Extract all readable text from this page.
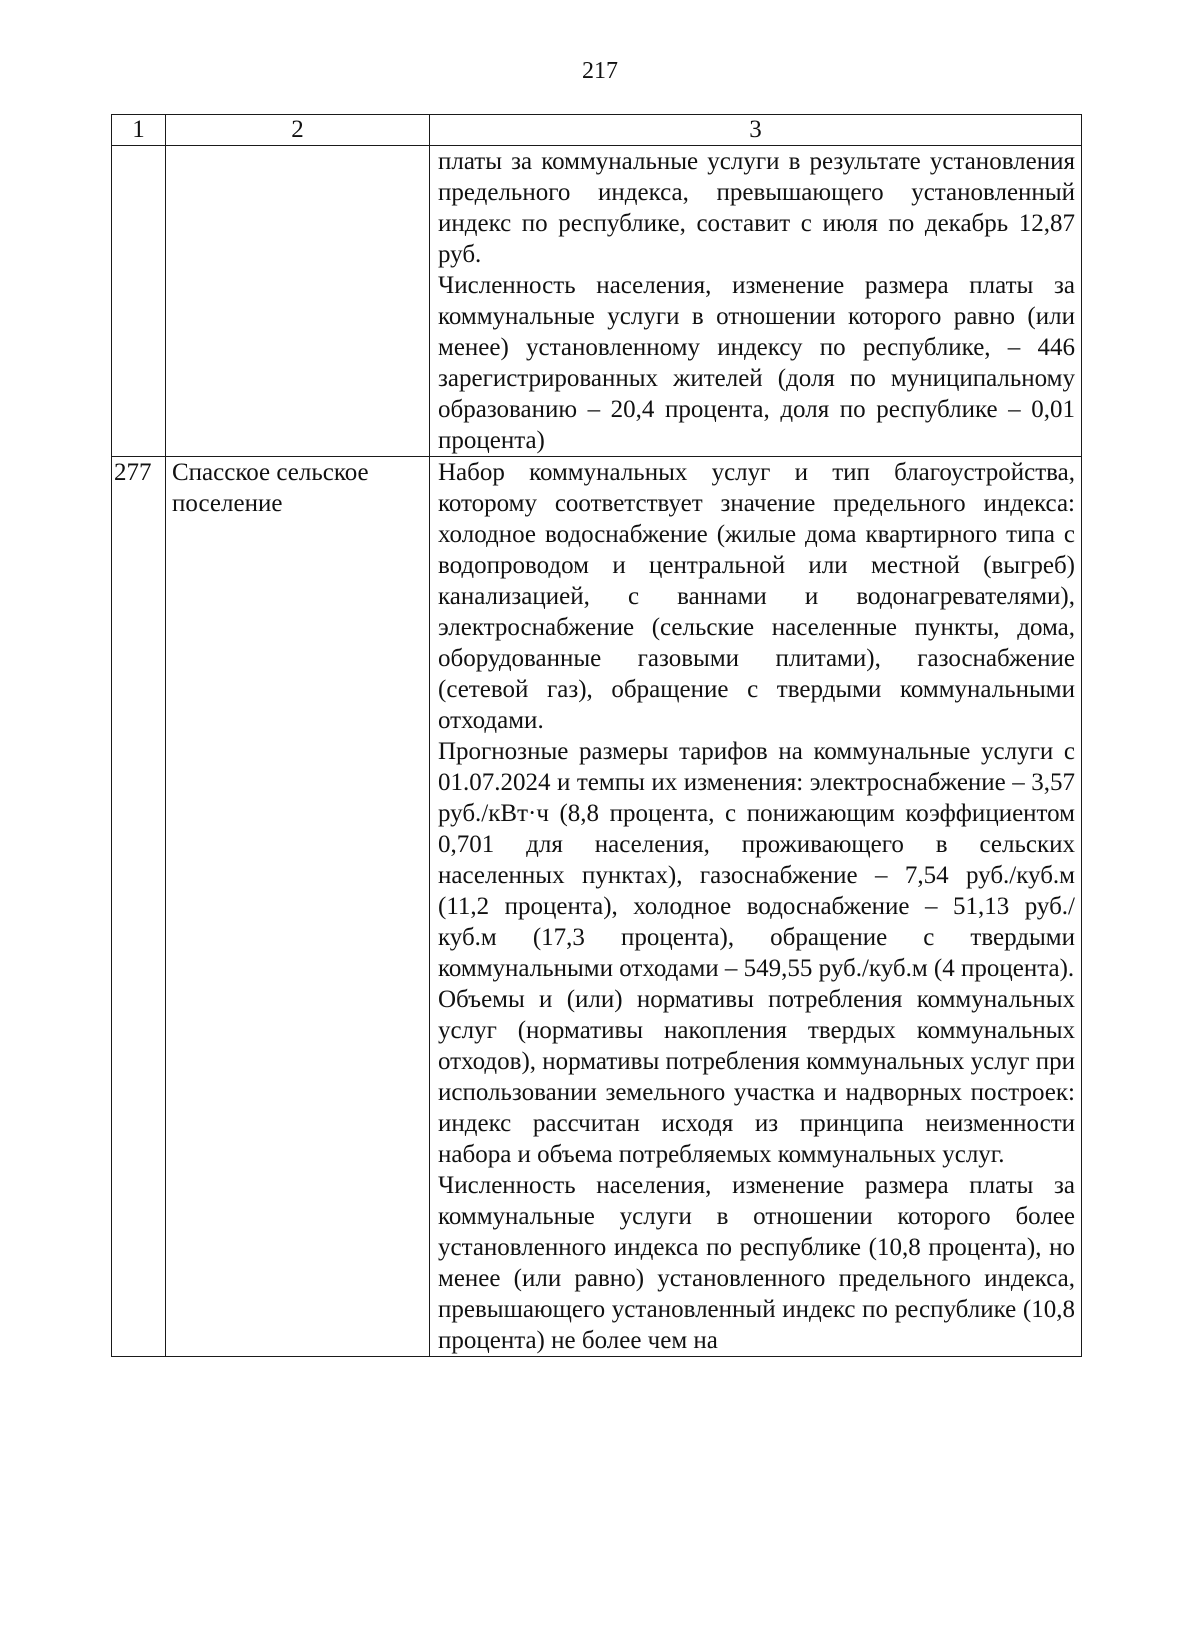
217
1	2	3

		платы за коммунальные услуги в результате установления предельного индекса, превышающего установленный индекс по республике, составит с июля по декабрь 12,87 руб.

Численность населения, изменение размера платы за коммунальные услуги в отношении которого равно (или менее) установленному индексу по республике, – 446 зарегистрированных жителей (доля по муниципальному образованию – 20,4 процента, доля по республике – 0,01 процента)

277	Спасское сельское поселение	Набор коммунальных услуг и тип благоустройства, которому соответствует значение предельного индекса: холодное водоснабжение (жилые дома квартирного типа с водопроводом и центральной или местной (выгреб) канализацией, с ваннами и водонагревателями), электроснабжение (сельские населенные пункты, дома, оборудованные газовыми плитами), газоснабжение (сетевой газ), обращение с твердыми коммунальными отходами.

Прогнозные размеры тарифов на коммунальные услуги с 01.07.2024 и темпы их изменения: электроснабжение – 3,57 руб./кВт·ч (8,8 процента, с понижающим коэффициентом 0,701 для населения, проживающего в сельских населенных пунктах), газоснабжение – 7,54 руб./куб.м (11,2 процента), холодное водоснабжение – 51,13 руб./куб.м (17,3 процента), обращение с твердыми коммунальными отходами – 549,55 руб./куб.м (4 процента).

Объемы и (или) нормативы потребления коммунальных услуг (нормативы накопления твердых коммунальных отходов), нормативы потребления коммунальных услуг при использовании земельного участка и надворных построек: индекс рассчитан исходя из принципа неизменности набора и объема потребляемых коммунальных услуг.

Численность населения, изменение размера платы за коммунальные услуги в отношении которого более установленного индекса по республике (10,8 процента), но менее (или равно) установленного предельного индекса, превышающего установленный индекс по республике (10,8 процента) не более чем на
